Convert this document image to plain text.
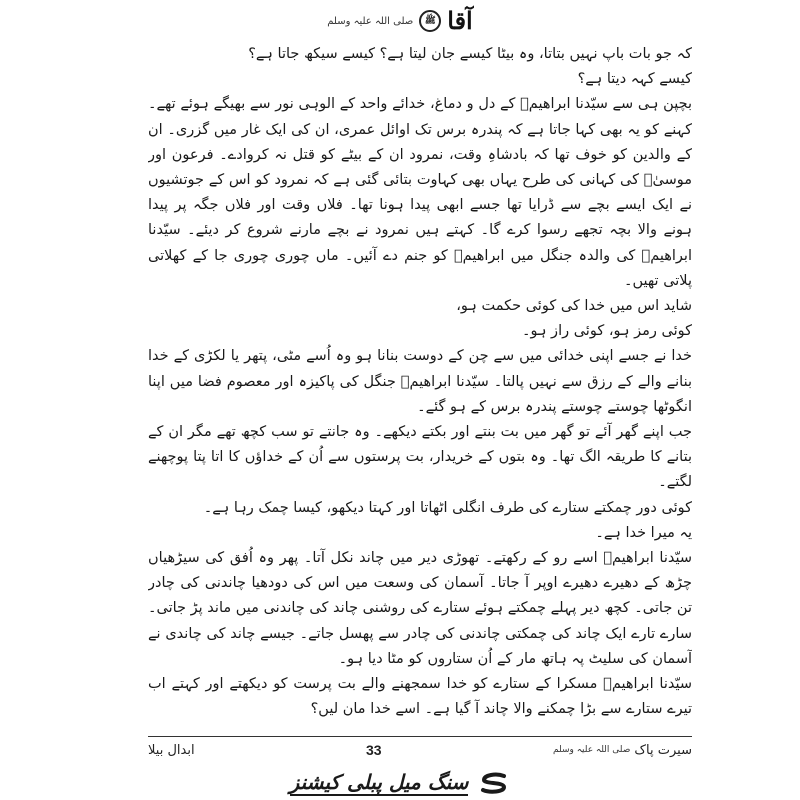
آقا
ﷺ
صلی اللہ علیہ وسلم

کہ جو بات باپ نہیں بتاتا، وہ بیٹا کیسے جان لیتا ہے؟ کیسے سیکھ جاتا ہے؟

کیسے کہہ دیتا ہے؟

بچپن ہی سے سیّدنا ابراھیمؑ کے دل و دماغ، خدائے واحد کے الوہی نور سے بھیگے ہوئے تھے۔ کہنے کو یہ بھی کہا جاتا ہے کہ پندرہ برس تک اوائل عمری، ان کی ایک غار میں گزری۔ ان کے والدین کو خوف تھا کہ بادشاہِ وقت، نمرود ان کے بیٹے کو قتل نہ کروادے۔ فرعون اور موسیٰؑ کی کہانی کی طرح یہاں بھی کہاوت بتائی گئی ہے کہ نمرود کو اس کے جوتشیوں نے ایک ایسے بچے سے ڈرایا تھا جسے ابھی پیدا ہونا تھا۔ فلاں وقت اور فلاں جگہ پر پیدا ہونے والا بچہ تجھے رسوا کرے گا۔ کہتے ہیں نمرود نے بچے مارنے شروع کر دیئے۔ سیّدنا ابراھیمؑ کی والدہ جنگل میں ابراھیمؑ کو جنم دے آئیں۔ ماں چوری چوری جا کے کھلاتی پلاتی تھیں۔

شاید اس میں خدا کی کوئی حکمت ہو،

کوئی رمز ہو، کوئی راز ہو۔

خدا نے جسے اپنی خدائی میں سے چن کے دوست بنانا ہو وہ اُسے مٹی، پتھر یا لکڑی کے خدا بنانے والے کے رزق سے نہیں پالتا۔ سیّدنا ابراھیمؑ جنگل کی پاکیزہ اور معصوم فضا میں اپنا انگوٹھا چوستے چوستے پندرہ برس کے ہو گئے۔

جب اپنے گھر آئے تو گھر میں بت بنتے اور بکتے دیکھے۔ وہ جانتے تو سب کچھ تھے مگر ان کے بتانے کا طریقہ الگ تھا۔ وہ بتوں کے خریدار، بت پرستوں سے اُن کے خداؤں کا اتا پتا پوچھنے لگتے۔

کوئی دور چمکتے ستارے کی طرف انگلی اٹھاتا اور کہتا دیکھو، کیسا چمک رہا ہے۔

یہ میرا خدا ہے۔

سیّدنا ابراھیمؑ اسے رو کے رکھتے۔ تھوڑی دیر میں چاند نکل آتا۔ پھر وہ اُفق کی سیڑھیاں چڑھ کے دھیرے دھیرے اوپر آ جاتا۔ آسمان کی وسعت میں اس کی دودھیا چاندنی کی چادر تن جاتی۔ کچھ دیر پہلے چمکتے ہوئے ستارے کی روشنی چاند کی چاندنی میں ماند پڑ جاتی۔ سارے تارے ایک چاند کی چمکتی چاندنی کی چادر سے پھسل جاتے۔ جیسے چاند کی چاندی نے آسمان کی سلیٹ پہ ہاتھ مار کے اُن ستاروں کو مٹا دیا ہو۔

سیّدنا ابراھیمؑ مسکرا کے ستارے کو خدا سمجھنے والے بت پرست کو دیکھتے اور کہتے اب تیرے ستارے سے بڑا چمکنے والا چاند آ گیا ہے۔ اسے خدا مان لیں؟

سیرت پاک
صلی اللہ علیہ وسلم
33
ابدال بیلا
سنگ میل پبلی کیشنز
